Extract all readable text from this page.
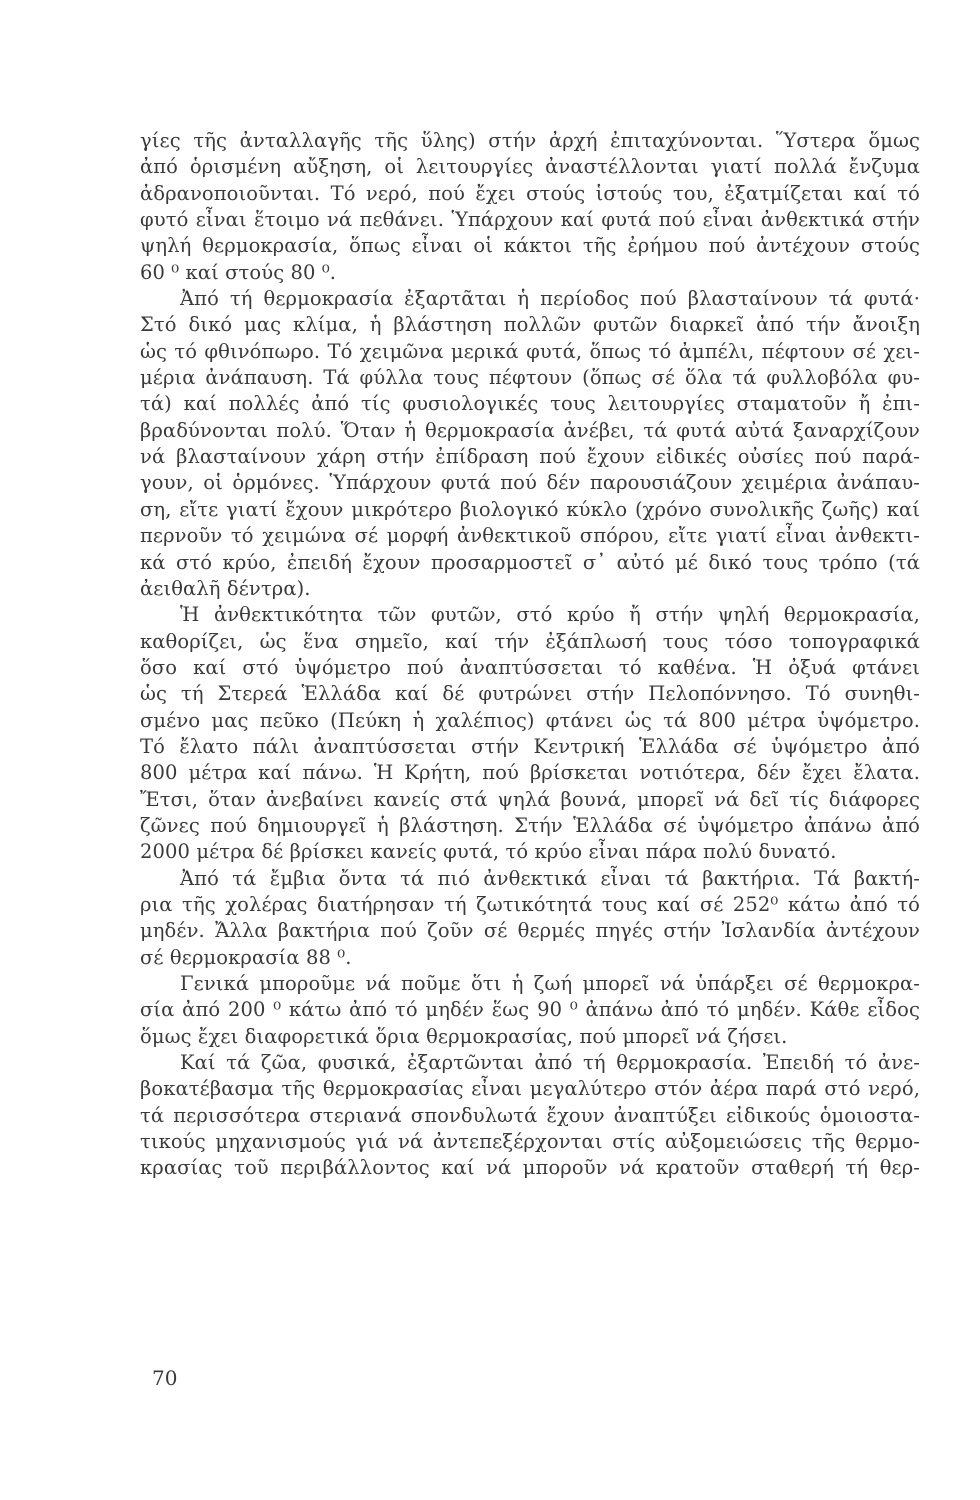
γίες τῆς ἀνταλλαγῆς τῆς ὕλης) στήν ἀρχή ἐπιταχύνονται. Ὕστερα ὅμως
ἀπό ὁρισμένη αὔξηση, οἱ λειτουργίες ἀναστέλλονται γιατί πολλά ἔνζυμα
ἀδρανοποιοῦνται. Τό νερό, πού ἔχει στούς ἱστούς του, ἐξατμίζεται καί τό
φυτό εἶναι ἕτοιμο νά πεθάνει. Ὑπάρχουν καί φυτά πού εἶναι ἀνθεκτικά στήν
ψηλή θερμοκρασία, ὅπως εἶναι οἱ κάκτοι τῆς ἐρήμου πού ἀντέχουν στούς
60 ⁰ καί στούς 80 ⁰.
Ἀπό τή θερμοκρασία ἐξαρτᾶται ἡ περίοδος πού βλασταίνουν τά φυτά·
Στό δικό μας κλίμα, ἡ βλάστηση πολλῶν φυτῶν διαρκεῖ ἀπό τήν ἄνοιξη
ὡς τό φθινόπωρο. Τό χειμῶνα μερικά φυτά, ὅπως τό ἀμπέλι, πέφτουν σέ χει-
μέρια ἀνάπαυση. Τά φύλλα τους πέφτουν (ὅπως σέ ὅλα τά φυλλοβόλα φυ-
τά) καί πολλές ἀπό τίς φυσιολογικές τους λειτουργίες σταματοῦν ἤ ἐπι-
βραδύνονται πολύ. Ὅταν ἡ θερμοκρασία ἀνέβει, τά φυτά αὐτά ξαναρχίζουν
νά βλασταίνουν χάρη στήν ἐπίδραση πού ἔχουν εἰδικές οὐσίες πού παρά-
γουν, οἱ ὁρμόνες. Ὑπάρχουν φυτά πού δέν παρουσιάζουν χειμέρια ἀνάπαυ-
ση, εἴτε γιατί ἔχουν μικρότερο βιολογικό κύκλο (χρόνο συνολικῆς ζωῆς) καί
περνοῦν τό χειμώνα σέ μορφή ἀνθεκτικοῦ σπόρου, εἴτε γιατί εἶναι ἀνθεκτι-
κά στό κρύο, ἐπειδή ἔχουν προσαρμοστεῖ σ᾽ αὐτό μέ δικό τους τρόπο (τά
ἀειθαλῆ δέντρα).
Ἡ ἀνθεκτικότητα τῶν φυτῶν, στό κρύο ἤ στήν ψηλή θερμοκρασία,
καθορίζει, ὡς ἕνα σημεῖο, καί τήν ἐξάπλωσή τους τόσο τοπογραφικά
ὅσο καί στό ὑψόμετρο πού ἀναπτύσσεται τό καθένα. Ἡ ὀξυά φτάνει
ὡς τή Στερεά Ἑλλάδα καί δέ φυτρώνει στήν Πελοπόννησο. Τό συνηθι-
σμένο μας πεῦκο (Πεύκη ἡ χαλέπιος) φτάνει ὡς τά 800 μέτρα ὑψόμετρο.
Τό ἔλατο πάλι ἀναπτύσσεται στήν Κεντρική Ἑλλάδα σέ ὑψόμετρο ἀπό
800 μέτρα καί πάνω. Ἡ Κρήτη, πού βρίσκεται νοτιότερα, δέν ἔχει ἔλατα.
Ἔτσι, ὅταν ἀνεβαίνει κανείς στά ψηλά βουνά, μπορεῖ νά δεῖ τίς διάφορες
ζῶνες πού δημιουργεῖ ἡ βλάστηση. Στήν Ἑλλάδα σέ ὑψόμετρο ἀπάνω ἀπό
2000 μέτρα δέ βρίσκει κανείς φυτά, τό κρύο εἶναι πάρα πολύ δυνατό.
Ἀπό τά ἔμβια ὄντα τά πιό ἀνθεκτικά εἶναι τά βακτήρια. Τά βακτή-
ρια τῆς χολέρας διατήρησαν τή ζωτικότητά τους καί σέ 252⁰ κάτω ἀπό τό
μηδέν. Ἄλλα βακτήρια πού ζοῦν σέ θερμές πηγές στήν Ἰσλανδία ἀντέχουν
σέ θερμοκρασία 88 ⁰.
Γενικά μποροῦμε νά ποῦμε ὅτι ἡ ζωή μπορεῖ νά ὑπάρξει σέ θερμοκρα-
σία ἀπό 200 ⁰ κάτω ἀπό τό μηδέν ἕως 90 ⁰ ἀπάνω ἀπό τό μηδέν. Κάθε εἶδος
ὅμως ἔχει διαφορετικά ὅρια θερμοκρασίας, πού μπορεῖ νά ζήσει.
Καί τά ζῶα, φυσικά, ἐξαρτῶνται ἀπό τή θερμοκρασία. Ἐπειδή τό ἀνε-
βοκατέβασμα τῆς θερμοκρασίας εἶναι μεγαλύτερο στόν ἀέρα παρά στό νερό,
τά περισσότερα στεριανά σπονδυλωτά ἔχουν ἀναπτύξει εἰδικούς ὁμοιοστα-
τικούς μηχανισμούς γιά νά ἀντεπεξέρχονται στίς αὐξομειώσεις τῆς θερμο-
κρασίας τοῦ περιβάλλοντος καί νά μποροῦν νά κρατοῦν σταθερή τή θερ-
70
